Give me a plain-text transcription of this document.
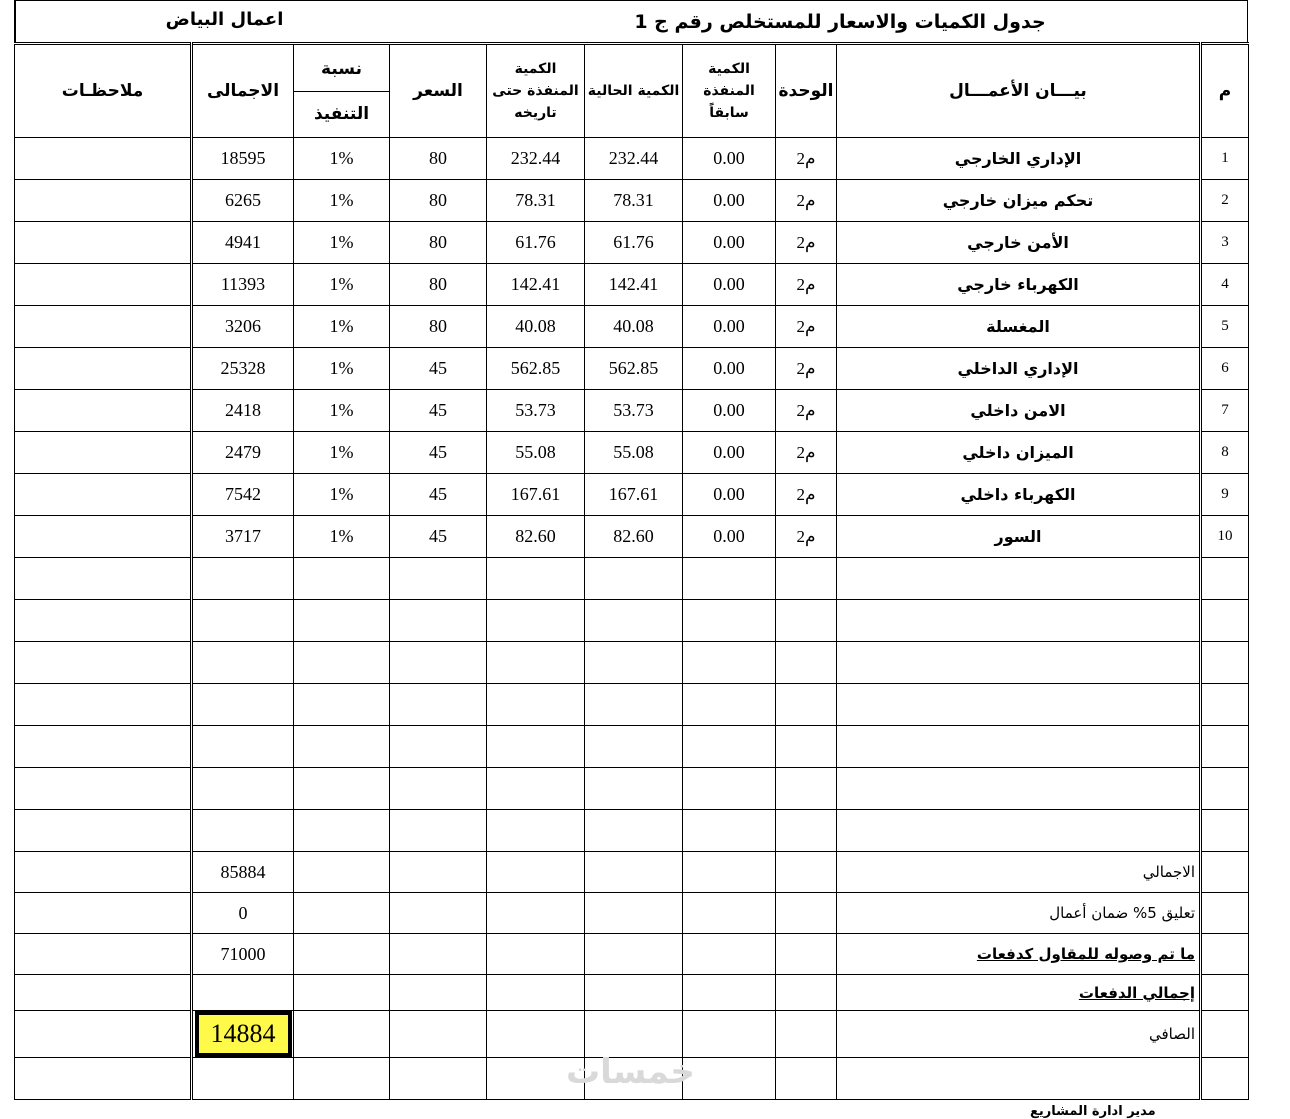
جدول الكميات والاسعار للمستخلص رقم ج 1
اعمال البياض
م	بيـــان الأعمـــال	الوحدة	الكمية المنفذة سابقاً	الكمية الحالية	الكمية المنفذة حتى تاريخه	السعر	نسبة
التنفيذ	الاجمالى	ملاحظـات
1	الإداري الخارجي	م2	0.00	232.44	232.44	80	1%	18595	
2	تحكم ميزان خارجي	م2	0.00	78.31	78.31	80	1%	6265	
3	الأمن خارجي	م2	0.00	61.76	61.76	80	1%	4941	
4	الكهرباء خارجي	م2	0.00	142.41	142.41	80	1%	11393	
5	المغسلة	م2	0.00	40.08	40.08	80	1%	3206	
6	الإداري الداخلي	م2	0.00	562.85	562.85	45	1%	25328	
7	الامن داخلي	م2	0.00	53.73	53.73	45	1%	2418	
8	الميزان داخلي	م2	0.00	55.08	55.08	45	1%	2479	
9	الكهرباء داخلي	م2	0.00	167.61	167.61	45	1%	7542	
10	السور	م2	0.00	82.60	82.60	45	1%	3717	

	الاجمالي							85884	
	تعليق 5% ضمان أعمال							0	
	ما تم وصوله للمقاول كدفعات							71000	
	إجمالي الدفعات								
	الصافي							14884	

خمسات
مدير ادارة المشاريع
